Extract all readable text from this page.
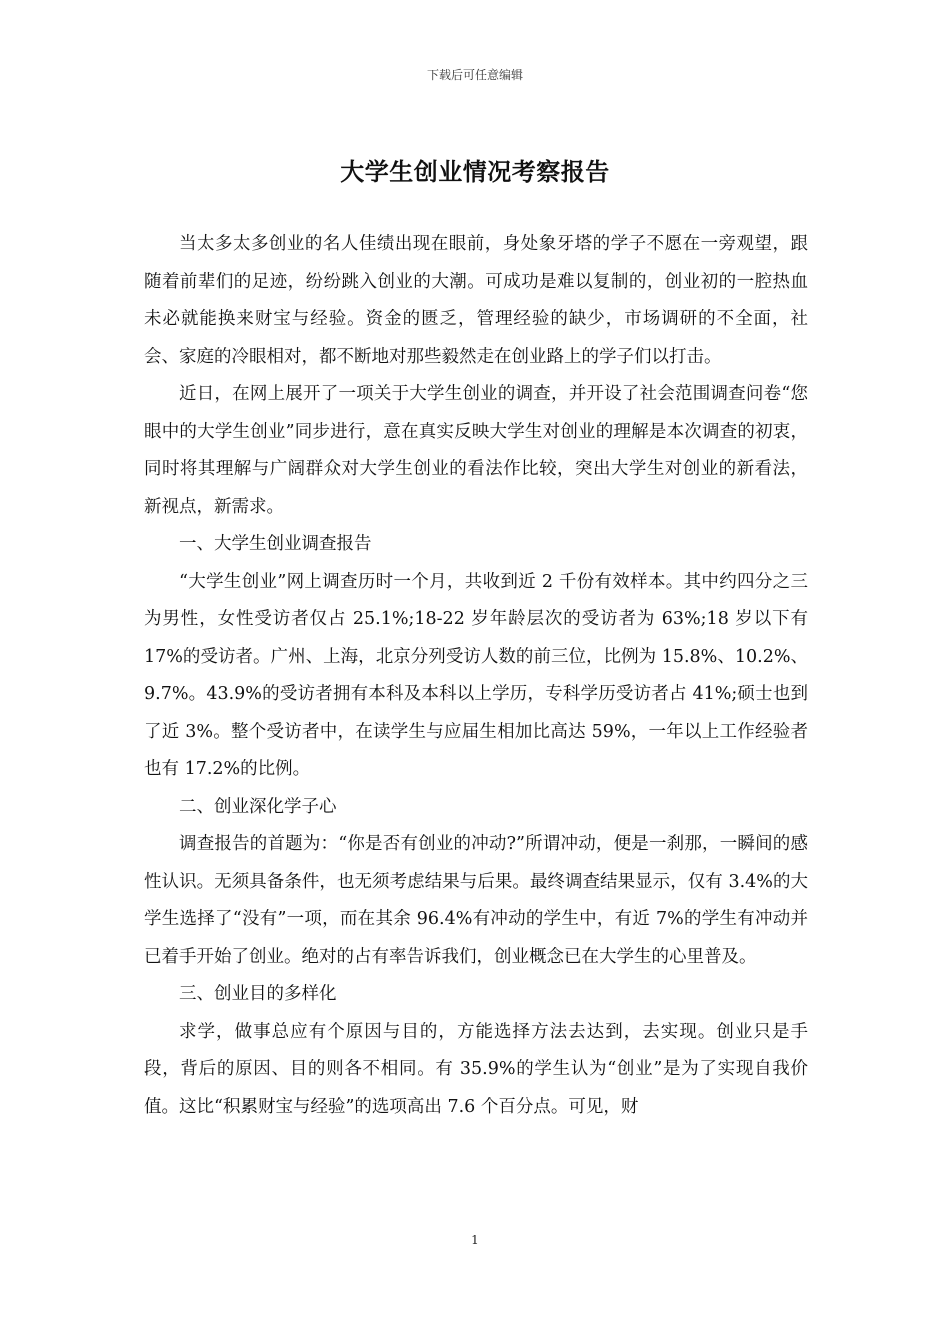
下载后可任意编辑
大学生创业情况考察报告

当太多太多创业的名人佳绩出现在眼前，身处象牙塔的学子不愿在一旁观望，跟随着前辈们的足迹，纷纷跳入创业的大潮。可成功是难以复制的，创业初的一腔热血未必就能换来财宝与经验。资金的匮乏，管理经验的缺少，市场调研的不全面，社会、家庭的冷眼相对，都不断地对那些毅然走在创业路上的学子们以打击。

近日，在网上展开了一项关于大学生创业的调查，并开设了社会范围调查问卷“您眼中的大学生创业”同步进行，意在真实反映大学生对创业的理解是本次调查的初衷，同时将其理解与广阔群众对大学生创业的看法作比较，突出大学生对创业的新看法，新视点，新需求。

一、大学生创业调查报告

“大学生创业”网上调查历时一个月，共收到近 2 千份有效样本。其中约四分之三为男性，女性受访者仅占 25.1%;18-22 岁年龄层次的受访者为 63%;18 岁以下有 17%的受访者。广州、上海，北京分列受访人数的前三位，比例为 15.8%、10.2%、9.7%。43.9%的受访者拥有本科及本科以上学历，专科学历受访者占 41%;硕士也到了近 3%。整个受访者中，在读学生与应届生相加比高达 59%，一年以上工作经验者也有 17.2%的比例。

二、创业深化学子心

调查报告的首题为：“你是否有创业的冲动?”所谓冲动，便是一刹那，一瞬间的感性认识。无须具备条件，也无须考虑结果与后果。最终调查结果显示，仅有 3.4%的大学生选择了“没有”一项，而在其余 96.4%有冲动的学生中，有近 7%的学生有冲动并已着手开始了创业。绝对的占有率告诉我们，创业概念已在大学生的心里普及。

三、创业目的多样化

求学，做事总应有个原因与目的，方能选择方法去达到，去实现。创业只是手段，背后的原因、目的则各不相同。有 35.9%的学生认为“创业”是为了实现自我价值。这比“积累财宝与经验”的选项高出 7.6 个百分点。可见，财

1
